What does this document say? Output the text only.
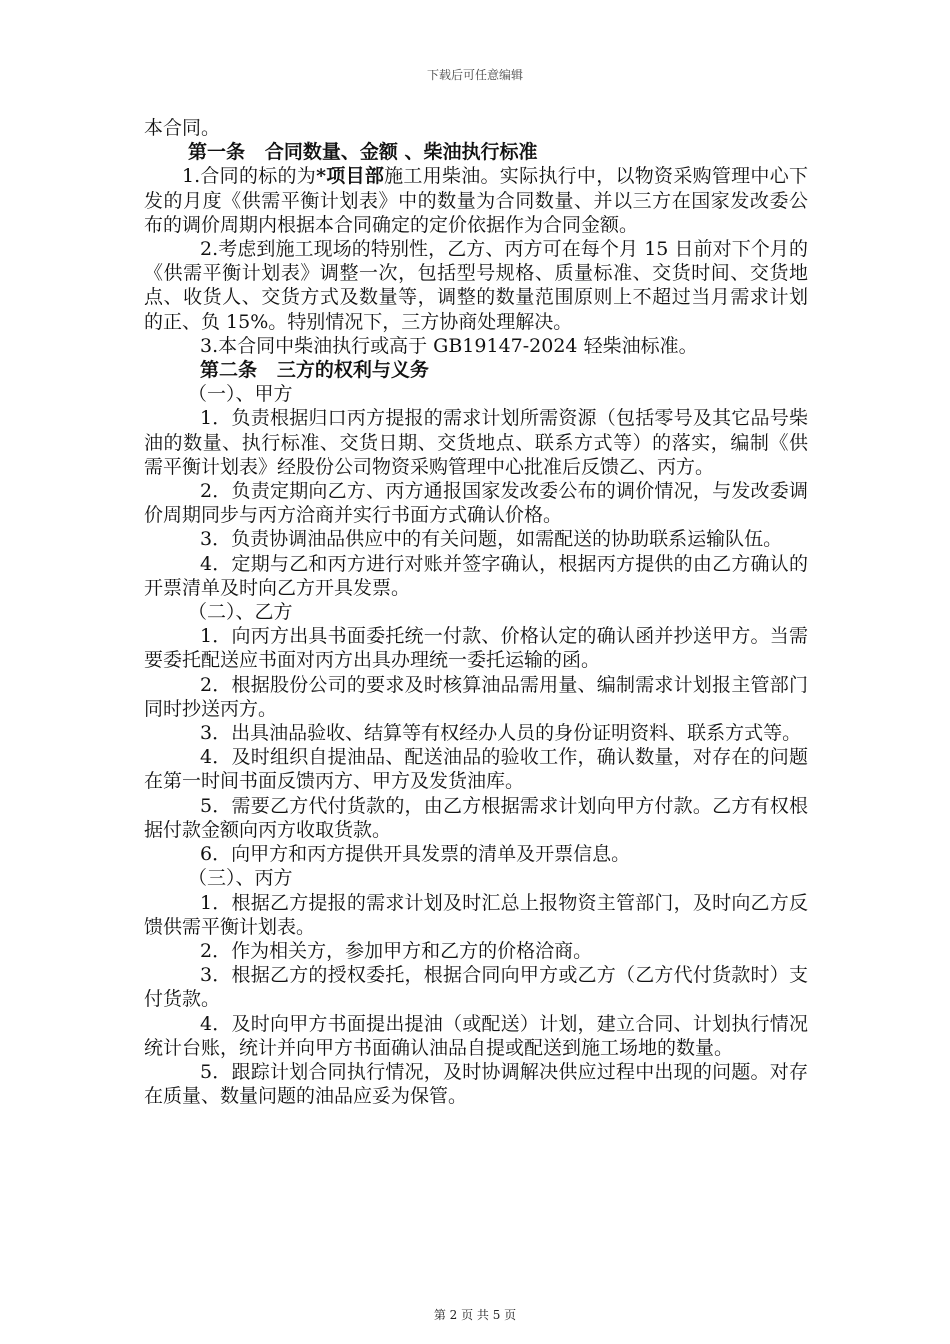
下载后可任意编辑

本合同。

第一条   合同数量、金额 、柴油执行标准

1.合同的标的为*项目部施工用柴油。实际执行中，以物资采购管理中心下发的月度《供需平衡计划表》中的数量为合同数量、并以三方在国家发改委公布的调价周期内根据本合同确定的定价依据作为合同金额。

2.考虑到施工现场的特别性，乙方、丙方可在每个月 15 日前对下个月的《供需平衡计划表》调整一次，包括型号规格、质量标准、交货时间、交货地点、收货人、交货方式及数量等，调整的数量范围原则上不超过当月需求计划的正、负 15%。特别情况下，三方协商处理解决。

3.本合同中柴油执行或高于 GB19147-2024 轻柴油标准。

第二条   三方的权利与义务

（一）、甲方

1．负责根据归口丙方提报的需求计划所需资源（包括零号及其它品号柴油的数量、执行标准、交货日期、交货地点、联系方式等）的落实，编制《供需平衡计划表》经股份公司物资采购管理中心批准后反馈乙、丙方。

2．负责定期向乙方、丙方通报国家发改委公布的调价情况，与发改委调价周期同步与丙方洽商并实行书面方式确认价格。

3．负责协调油品供应中的有关问题，如需配送的协助联系运输队伍。

4．定期与乙和丙方进行对账并签字确认，根据丙方提供的由乙方确认的开票清单及时向乙方开具发票。

（二）、乙方

1．向丙方出具书面委托统一付款、价格认定的确认函并抄送甲方。当需要委托配送应书面对丙方出具办理统一委托运输的函。

2．根据股份公司的要求及时核算油品需用量、编制需求计划报主管部门同时抄送丙方。

3．出具油品验收、结算等有权经办人员的身份证明资料、联系方式等。

4．及时组织自提油品、配送油品的验收工作，确认数量，对存在的问题在第一时间书面反馈丙方、甲方及发货油库。

5．需要乙方代付货款的，由乙方根据需求计划向甲方付款。乙方有权根据付款金额向丙方收取货款。

6．向甲方和丙方提供开具发票的清单及开票信息。

（三）、丙方

1．根据乙方提报的需求计划及时汇总上报物资主管部门，及时向乙方反馈供需平衡计划表。

2．作为相关方，参加甲方和乙方的价格洽商。

3．根据乙方的授权委托，根据合同向甲方或乙方（乙方代付货款时）支付货款。

4．及时向甲方书面提出提油（或配送）计划，建立合同、计划执行情况统计台账，统计并向甲方书面确认油品自提或配送到施工场地的数量。

5．跟踪计划合同执行情况，及时协调解决供应过程中出现的问题。对存在质量、数量问题的油品应妥为保管。

第 2 页 共 5 页
